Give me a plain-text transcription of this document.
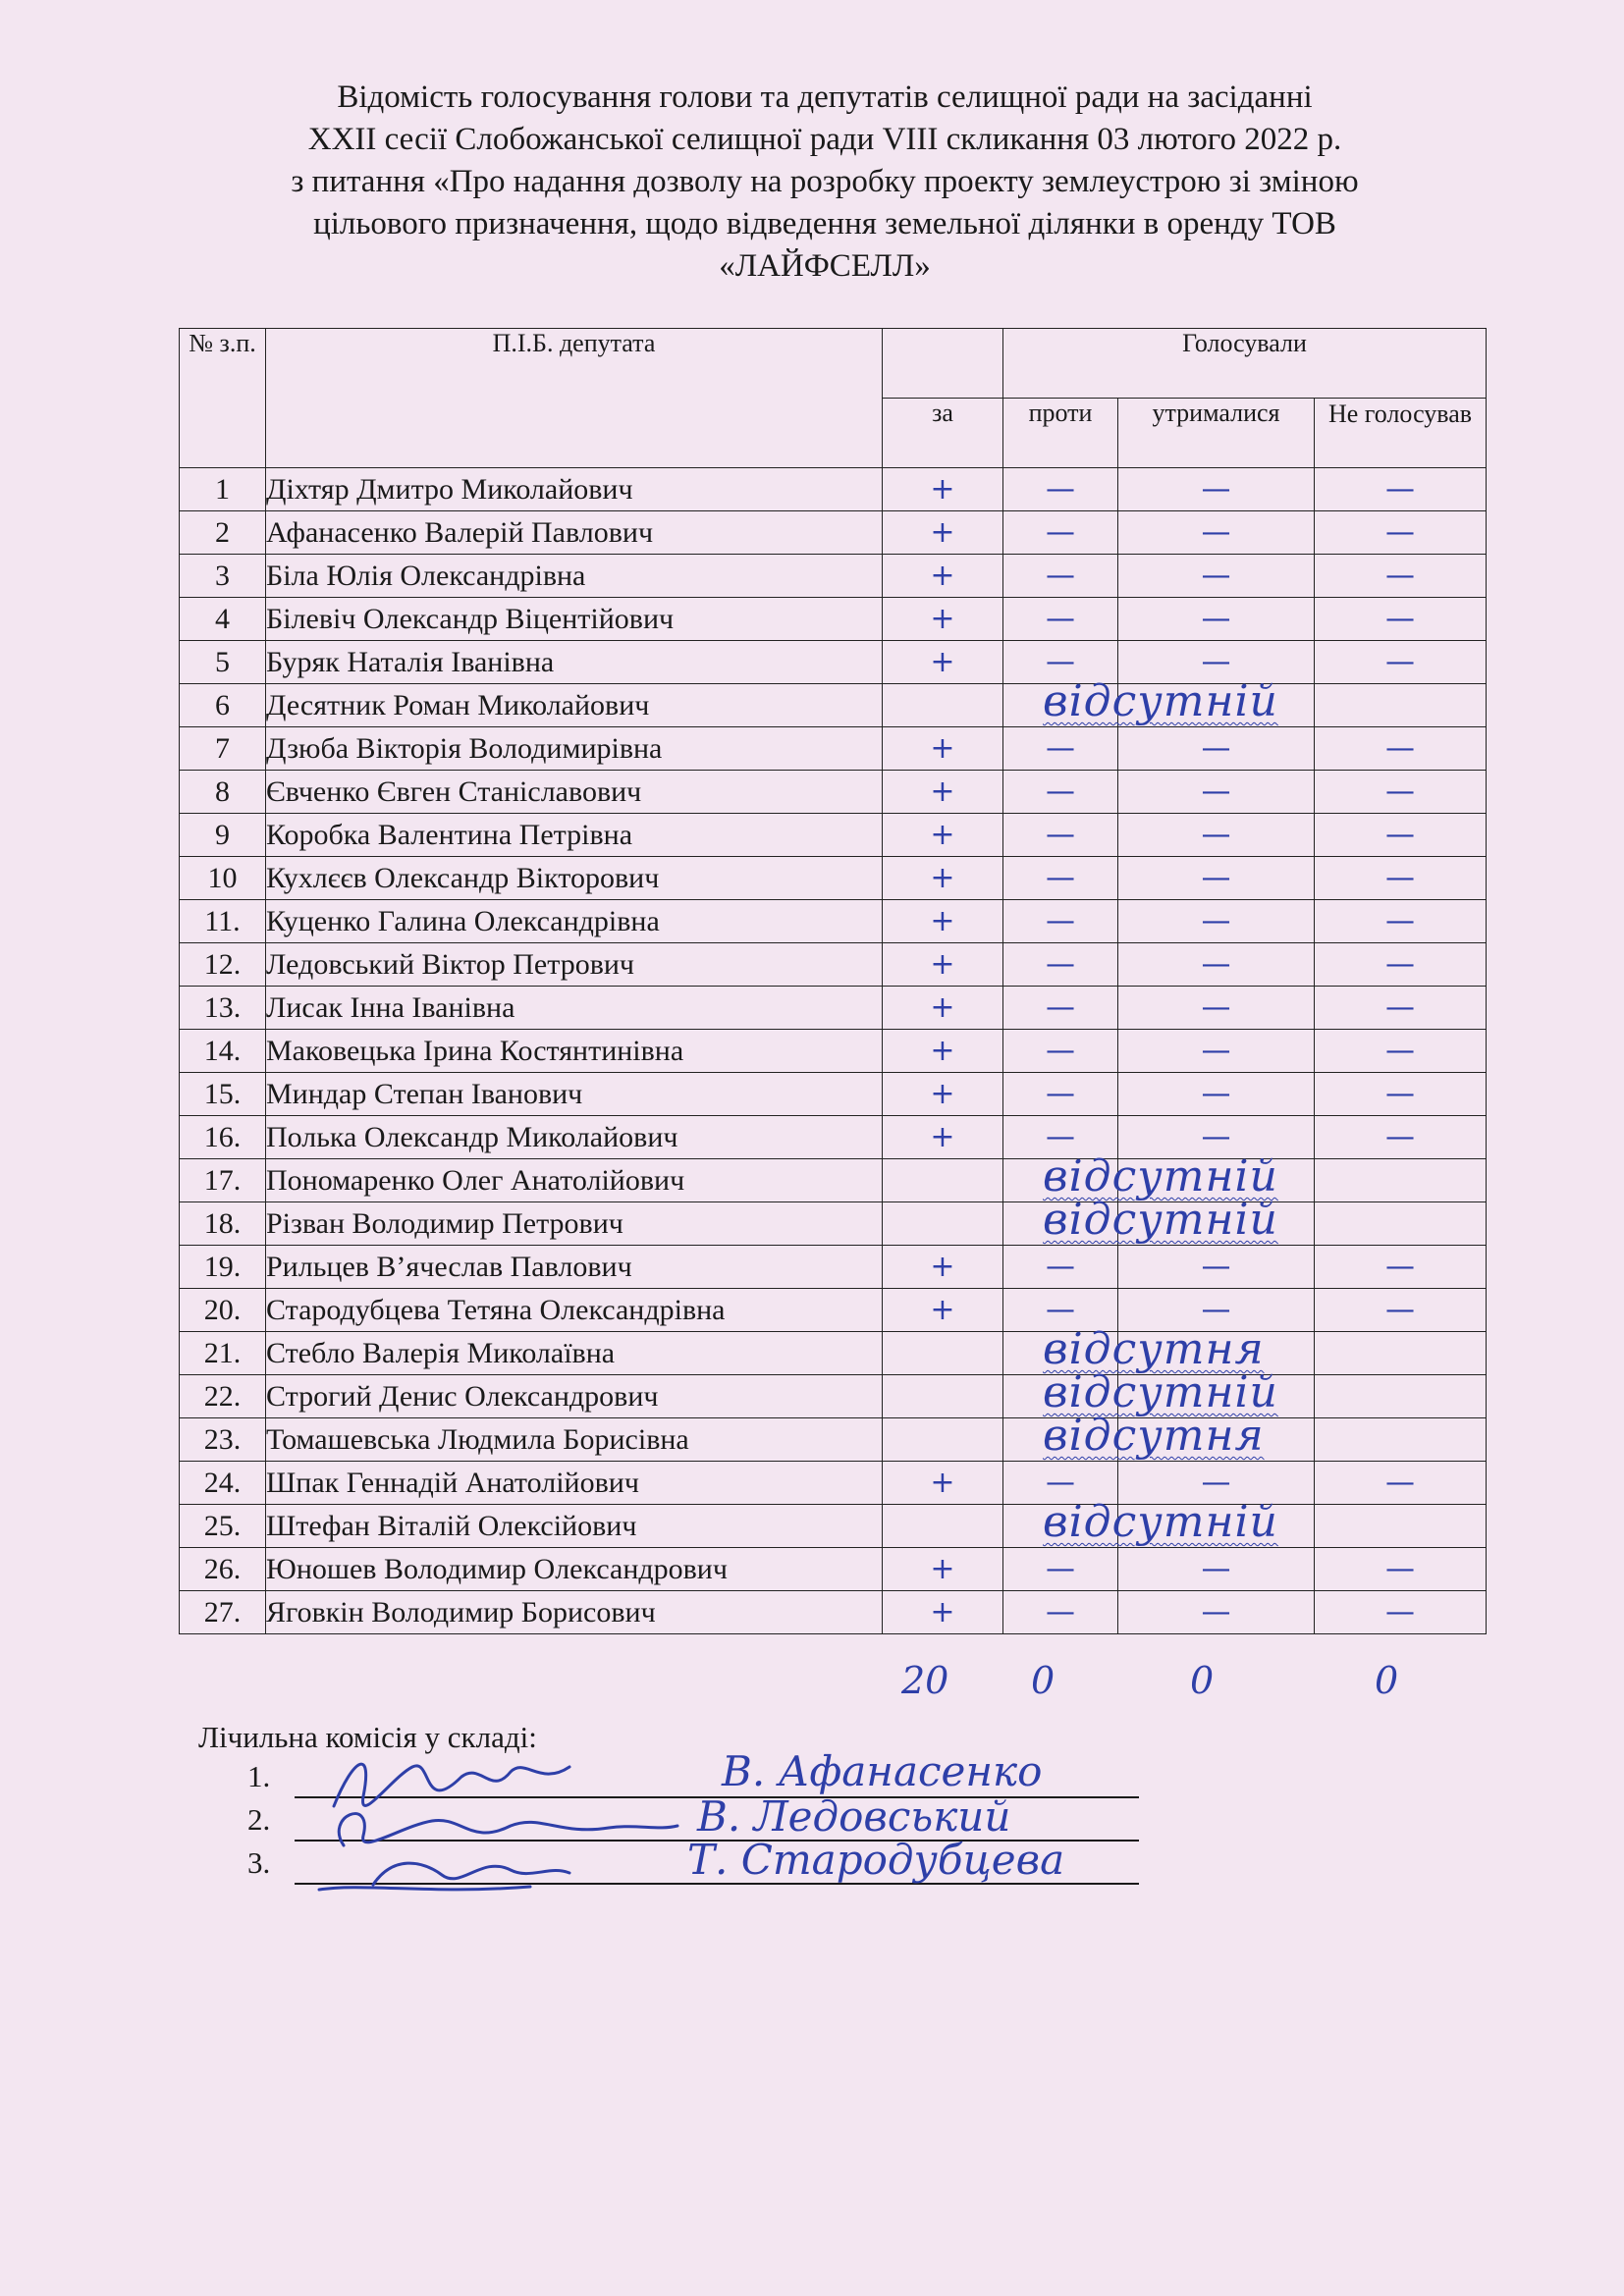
Відомість голосування голови та депутатів селищної ради на засіданні
XXІІ сесії Слобожанської селищної ради VІІІ скликання 03 лютого 2022 р.
з питання «Про надання дозволу на розробку проекту землеустрою зі зміною
цільового призначення, щодо відведення земельної ділянки в оренду ТОВ
«ЛАЙФСЕЛЛ»
№ з.п.	П.І.Б. депутата		Голосували		
		за	проти	утрималися	Не голосував
1	Діхтяр Дмитро Миколайович	+	—	—	—
2	Афанасенко Валерій Павлович	+	—	—	—
3	Біла Юлія Олександрівна	+	—	—	—
4	Білевіч Олександр Віцентійович	+	—	—	—
5	Буряк Наталія Іванівна	+	—	—	—
6	Десятник Роман Миколайович		відсутній		

7	Дзюба Вікторія Володимирівна	+	—	—	—
8	Євченко Євген Станіславович	+	—	—	—
9	Коробка Валентина Петрівна	+	—	—	—
10	Кухлєєв Олександр Вікторович	+	—	—	—
11.	Куценко Галина Олександрівна	+	—	—	—
12.	Ледовський Віктор Петрович	+	—	—	—
13.	Лисак Інна Іванівна	+	—	—	—
14.	Маковецька Ірина Костянтинівна	+	—	—	—
15.	Миндар Степан Іванович	+	—	—	—
16.	Полька Олександр Миколайович	+	—	—	—
17.	Пономаренко Олег Анатолійович		відсутній		

18.	Різван Володимир Петрович		відсутній		

19.	Рильцев В’ячеслав Павлович	+	—	—	—
20.	Стародубцева Тетяна Олександрівна	+	—	—	—
21.	Стебло Валерія Миколаївна		відсутня		

22.	Строгий Денис Олександрович		відсутній		

23.	Томашевська Людмила Борисівна		відсутня		

24.	Шпак Геннадій Анатолійович	+	—	—	—
25.	Штефан Віталій Олексійович		відсутній		

26.	Юношев Володимир Олександрович	+	—	—	—
27.	Яговкін Володимир Борисович	+	—	—	—
20 0	0	0
Лічильна комісія у складі:
1.	В. Афанасенко
2.	В. Ледовський
3.	Т. Стародубцева
